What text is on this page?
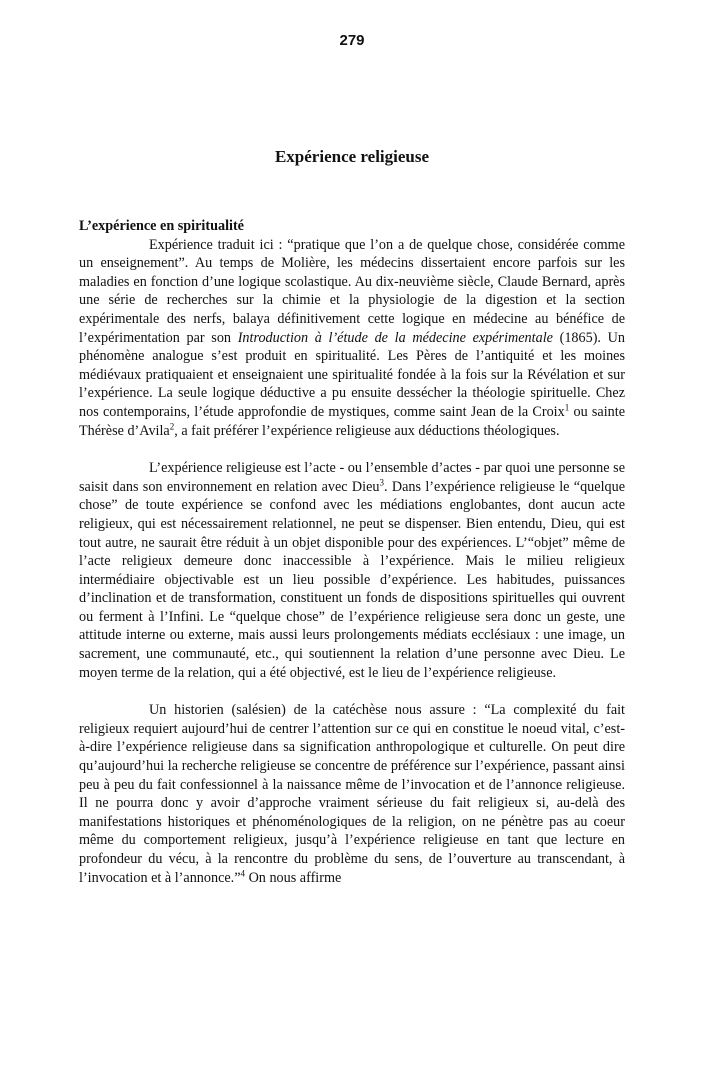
279
Expérience religieuse
L’expérience en spiritualité

Expérience traduit ici : “pratique que l’on a de quelque chose, considérée comme un enseignement”. Au temps de Molière, les médecins dissertaient encore parfois sur les maladies en fonction d’une logique scolastique. Au dix-neuvième siècle, Claude Bernard, après une série de recherches sur la chimie et la physiologie de la digestion et la section expérimentale des nerfs, balaya définitivement cette logique en médecine au bénéfice de l’expérimentation par son Introduction à l’étude de la médecine expérimentale (1865). Un phénomène analogue s’est produit en spiritualité. Les Pères de l’antiquité et les moines médiévaux pratiquaient et enseignaient une spiritualité fondée à la fois sur la Révélation et sur l’expérience. La seule logique déductive a pu ensuite dessécher la théologie spirituelle. Chez nos contemporains, l’étude approfondie de mystiques, comme saint Jean de la Croix$^1$ ou sainte Thérèse d’Avila$^2$, a fait préférer l’expérience religieuse aux déductions théologiques.

L’expérience religieuse est l’acte - ou l’ensemble d’actes - par quoi une personne se saisit dans son environnement en relation avec Dieu$^3$. Dans l’expérience religieuse le “quelque chose” de toute expérience se confond avec les médiations englobantes, dont aucun acte religieux, qui est nécessairement relationnel, ne peut se dispenser. Bien entendu, Dieu, qui est tout autre, ne saurait être réduit à un objet disponible pour des expériences. L’“objet” même de l’acte religieux demeure donc inaccessible à l’expérience. Mais le milieu religieux intermédiaire objectivable est un lieu possible d’expérience. Les habitudes, puissances d’inclination et de transformation, constituent un fonds de dispositions spirituelles qui ouvrent ou ferment à l’Infini. Le “quelque chose” de l’expérience religieuse sera donc un geste, une attitude interne ou externe, mais aussi leurs prolongements médiats ecclésiaux : une image, un sacrement, une communauté, etc., qui soutiennent la relation d’une personne avec Dieu. Le moyen terme de la relation, qui a été objectivé, est le lieu de l’expérience religieuse.

Un historien (salésien) de la catéchèse nous assure : “La complexité du fait religieux requiert aujourd’hui de centrer l’attention sur ce qui en constitue le noeud vital, c’est-à-dire l’expérience religieuse dans sa signification anthropologique et culturelle. On peut dire qu’aujourd’hui la recherche religieuse se concentre de préférence sur l’expérience, passant ainsi peu à peu du fait confessionnel à la naissance même de l’invocation et de l’annonce religieuse. Il ne pourra donc y avoir d’approche vraiment sérieuse du fait religieux si, au-delà des manifestations historiques et phénoménologiques de la religion, on ne pénètre pas au coeur même du comportement religieux, jusqu’à l’expérience religieuse en tant que lecture en profondeur du vécu, à la rencontre du problème du sens, de l’ouverture au transcendant, à l’invocation et à l’annonce.”$^4$ On nous affirme
